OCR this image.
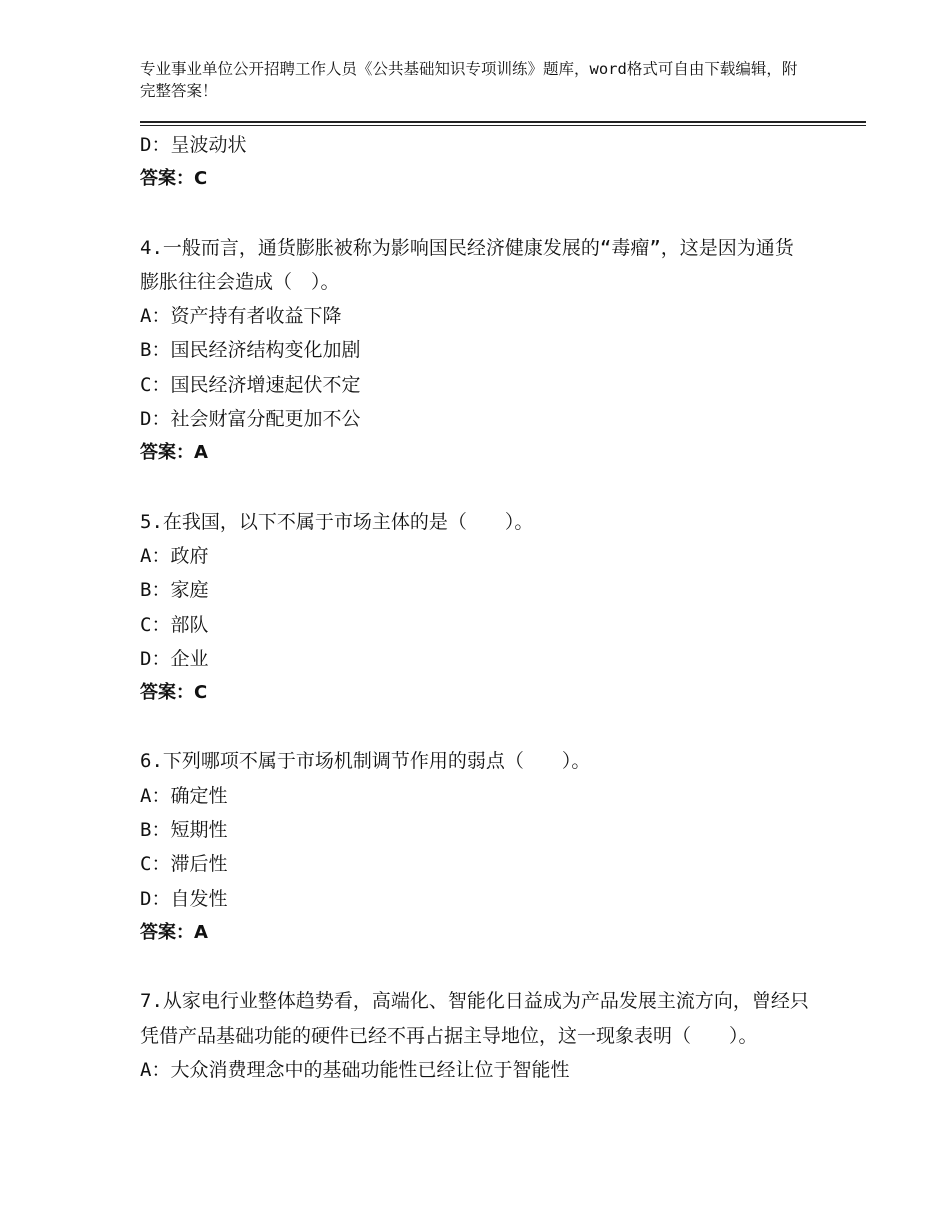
专业事业单位公开招聘工作人员《公共基础知识专项训练》题库，word格式可自由下载编辑，附完整答案！
D：呈波动状
答案：C
4.一般而言，通货膨胀被称为影响国民经济健康发展的“毒瘤”，这是因为通货膨胀往往会造成（　）。
A：资产持有者收益下降
B：国民经济结构变化加剧
C：国民经济增速起伏不定
D：社会财富分配更加不公
答案：A
5.在我国，以下不属于市场主体的是（　　）。
A：政府
B：家庭
C：部队
D：企业
答案：C
6.下列哪项不属于市场机制调节作用的弱点（　　）。
A：确定性
B：短期性
C：滞后性
D：自发性
答案：A
7.从家电行业整体趋势看，高端化、智能化日益成为产品发展主流方向，曾经只凭借产品基础功能的硬件已经不再占据主导地位，这一现象表明（　　）。
A：大众消费理念中的基础功能性已经让位于智能性
